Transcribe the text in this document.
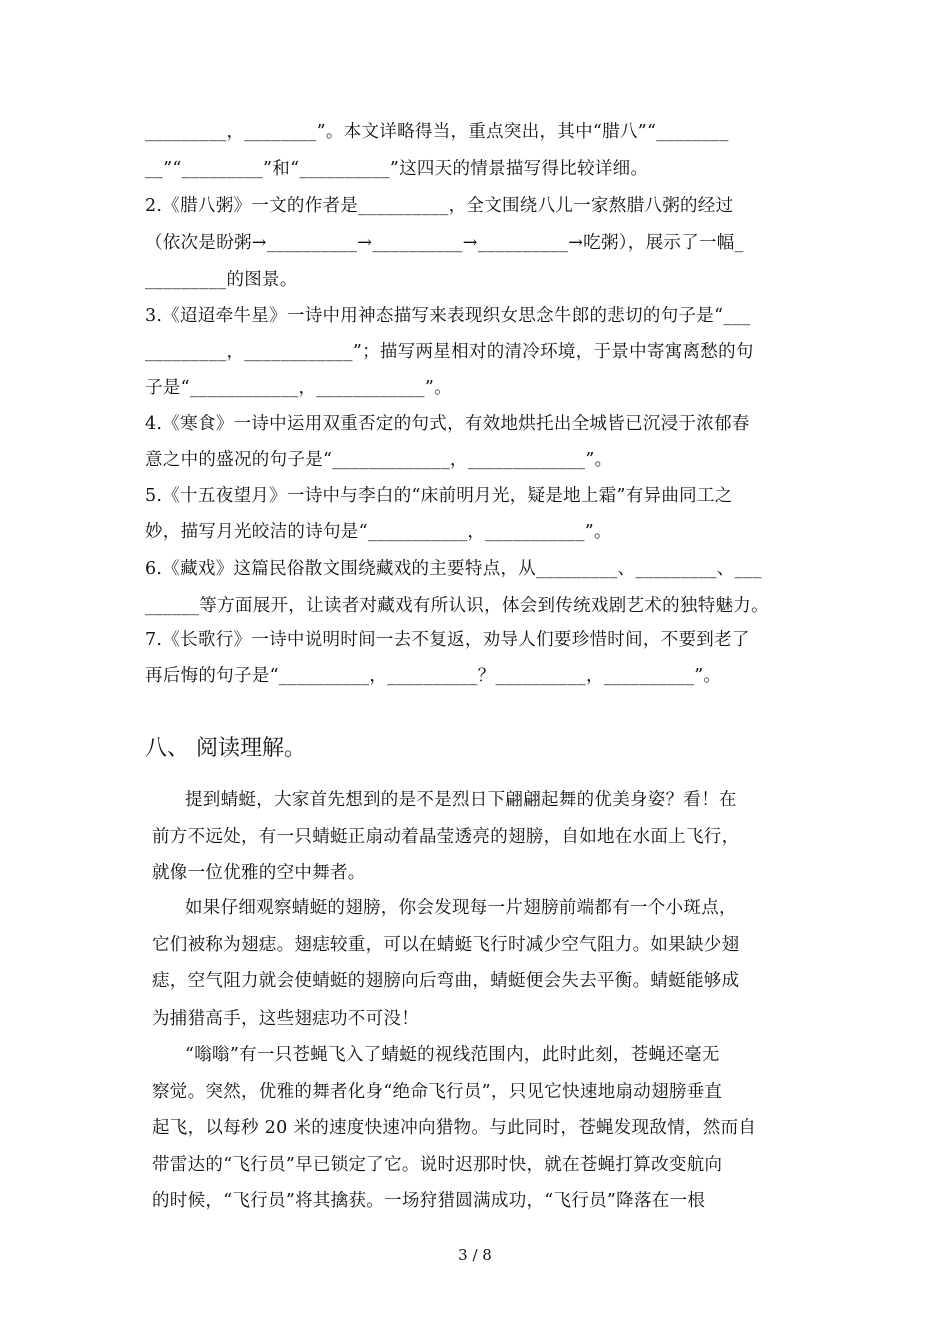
_________，________”。本文详略得当，重点突出，其中“腊八”“________
__”“_________”和“__________”这四天的情景描写得比较详细。
2.《腊八粥》一文的作者是__________，全文围绕八儿一家熬腊八粥的经过
（依次是盼粥→__________→__________→__________→吃粥），展示了一幅_
_________的图景。
3.《迢迢牵牛星》一诗中用神态描写来表现织女思念牛郎的悲切的句子是“___
_________，____________”；描写两星相对的清冷环境，于景中寄寓离愁的句
子是“____________，____________”。
4.《寒食》一诗中运用双重否定的句式，有效地烘托出全城皆已沉浸于浓郁春
意之中的盛况的句子是“_____________，_____________”。
5.《十五夜望月》一诗中与李白的“床前明月光，疑是地上霜”有异曲同工之
妙，描写月光皎洁的诗句是“___________，___________”。
6.《藏戏》这篇民俗散文围绕藏戏的主要特点，从_________、_________、___
______等方面展开，让读者对藏戏有所认识，体会到传统戏剧艺术的独特魅力。
7.《长歌行》一诗中说明时间一去不复返，劝导人们要珍惜时间，不要到老了
再后悔的句子是“__________，__________？__________，__________”。
八、 阅读理解。
提到蜻蜓，大家首先想到的是不是烈日下翩翩起舞的优美身姿？看！在
前方不远处，有一只蜻蜓正扇动着晶莹透亮的翅膀，自如地在水面上飞行，
就像一位优雅的空中舞者。
如果仔细观察蜻蜓的翅膀，你会发现每一片翅膀前端都有一个小斑点，
它们被称为翅痣。翅痣较重，可以在蜻蜓飞行时减少空气阻力。如果缺少翅
痣，空气阻力就会使蜻蜓的翅膀向后弯曲，蜻蜓便会失去平衡。蜻蜓能够成
为捕猎高手，这些翅痣功不可没！
“嗡嗡”有一只苍蝇飞入了蜻蜓的视线范围内，此时此刻，苍蝇还毫无
察觉。突然，优雅的舞者化身“绝命飞行员”，只见它快速地扇动翅膀垂直
起飞，以每秒 20 米的速度快速冲向猎物。与此同时，苍蝇发现敌情，然而自
带雷达的“飞行员”早已锁定了它。说时迟那时快，就在苍蝇打算改变航向
的时候，“飞行员”将其擒获。一场狩猎圆满成功，“飞行员”降落在一根
3 / 8
